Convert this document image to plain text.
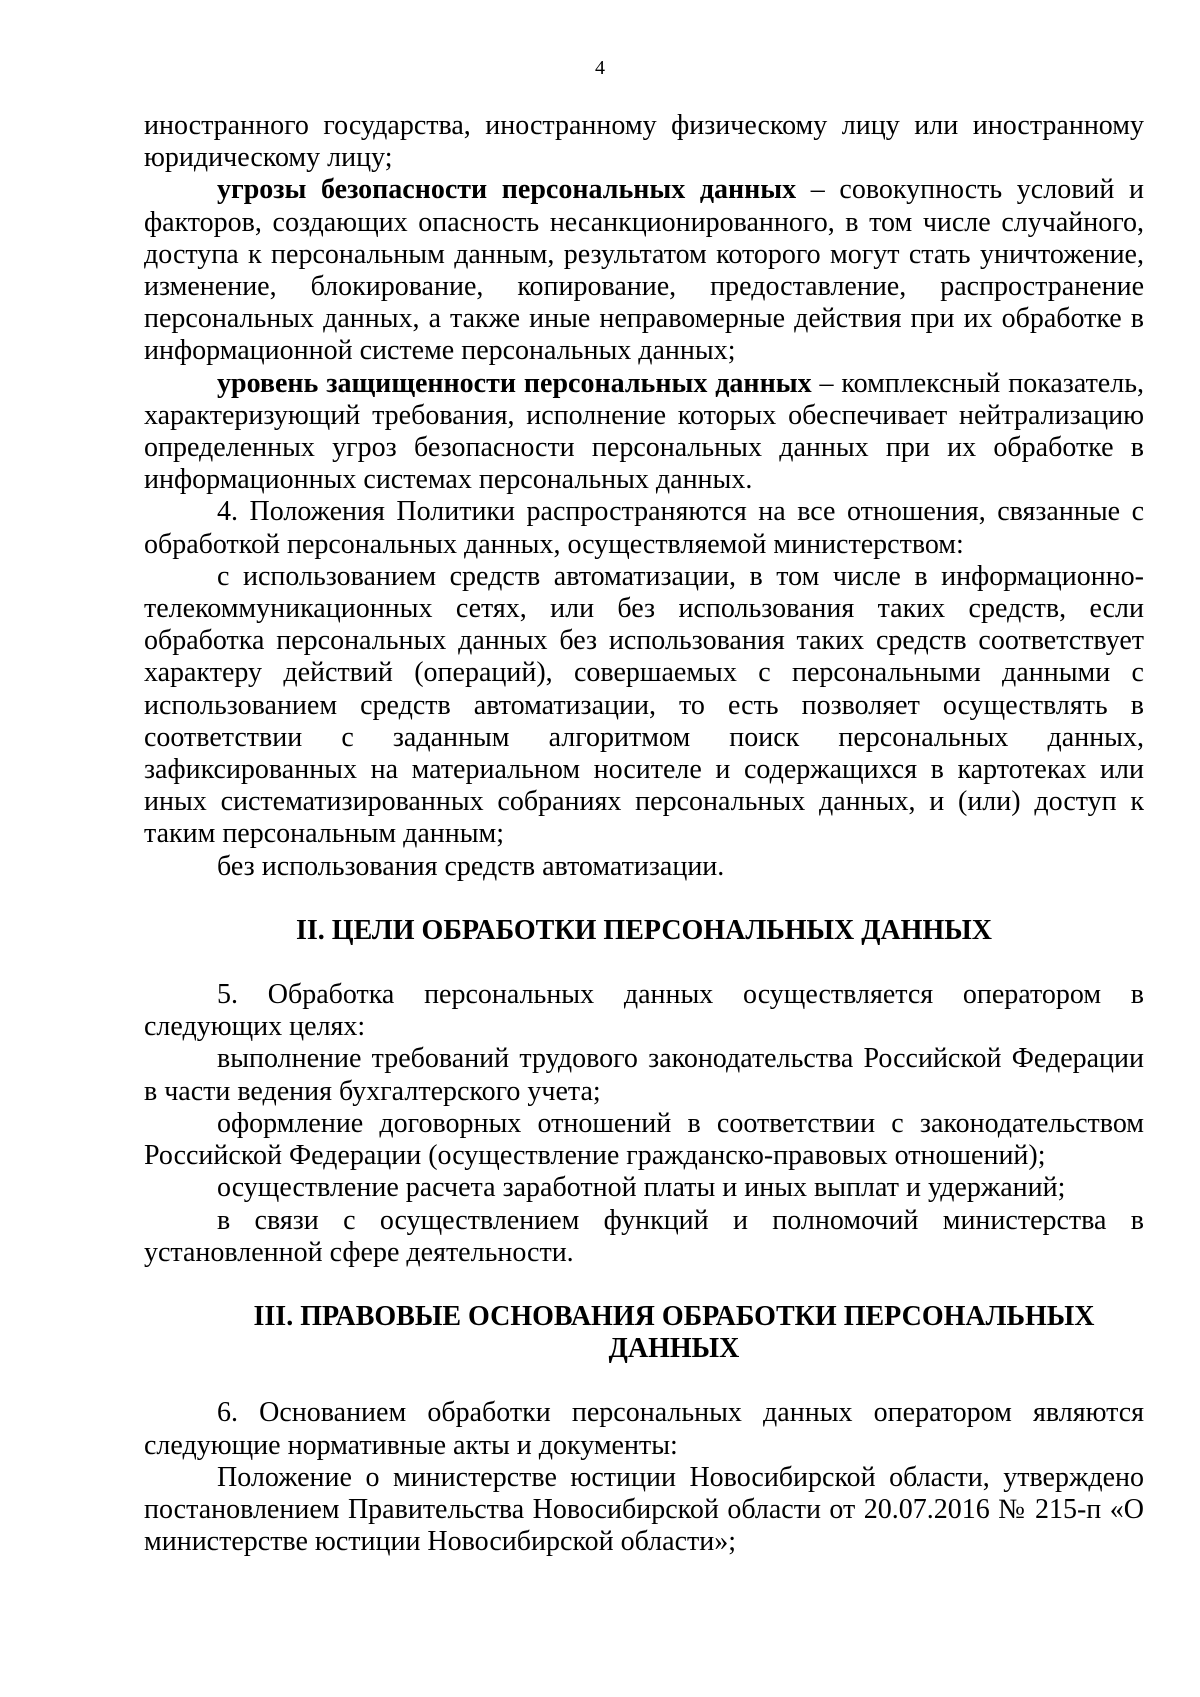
4

иностранного государства, иностранному физическому лицу или иностранному юридическому лицу;

угрозы безопасности персональных данных – совокупность условий и факторов, создающих опасность несанкционированного, в том числе случайного, доступа к персональным данным, результатом которого могут стать уничтожение, изменение, блокирование, копирование, предоставление, распространение персональных данных, а также иные неправомерные действия при их обработке в информационной системе персональных данных;

уровень защищенности персональных данных – комплексный показатель, характеризующий требования, исполнение которых обеспечивает нейтрализацию определенных угроз безопасности персональных данных при их обработке в информационных системах персональных данных.

4. Положения Политики распространяются на все отношения, связанные с обработкой персональных данных, осуществляемой министерством:

с использованием средств автоматизации, в том числе в информационно-телекоммуникационных сетях, или без использования таких средств, если обработка персональных данных без использования таких средств соответствует характеру действий (операций), совершаемых с персональными данными с использованием средств автоматизации, то есть позволяет осуществлять в соответствии с заданным алгоритмом поиск персональных данных, зафиксированных на материальном носителе и содержащихся в картотеках или иных систематизированных собраниях персональных данных, и (или) доступ к таким персональным данным;

без использования средств автоматизации.

II. ЦЕЛИ ОБРАБОТКИ ПЕРСОНАЛЬНЫХ ДАННЫХ

5. Обработка персональных данных осуществляется оператором в следующих целях:

выполнение требований трудового законодательства Российской Федерации в части ведения бухгалтерского учета;

оформление договорных отношений в соответствии с законодательством Российской Федерации (осуществление гражданско-правовых отношений);

осуществление расчета заработной платы и иных выплат и удержаний;

в связи с осуществлением функций и полномочий министерства в установленной сфере деятельности.

III. ПРАВОВЫЕ ОСНОВАНИЯ ОБРАБОТКИ ПЕРСОНАЛЬНЫХ
ДАННЫХ

6. Основанием обработки персональных данных оператором являются следующие нормативные акты и документы:

Положение о министерстве юстиции Новосибирской области, утверждено постановлением Правительства Новосибирской области от 20.07.2016 № 215-п «О министерстве юстиции Новосибирской области»;
